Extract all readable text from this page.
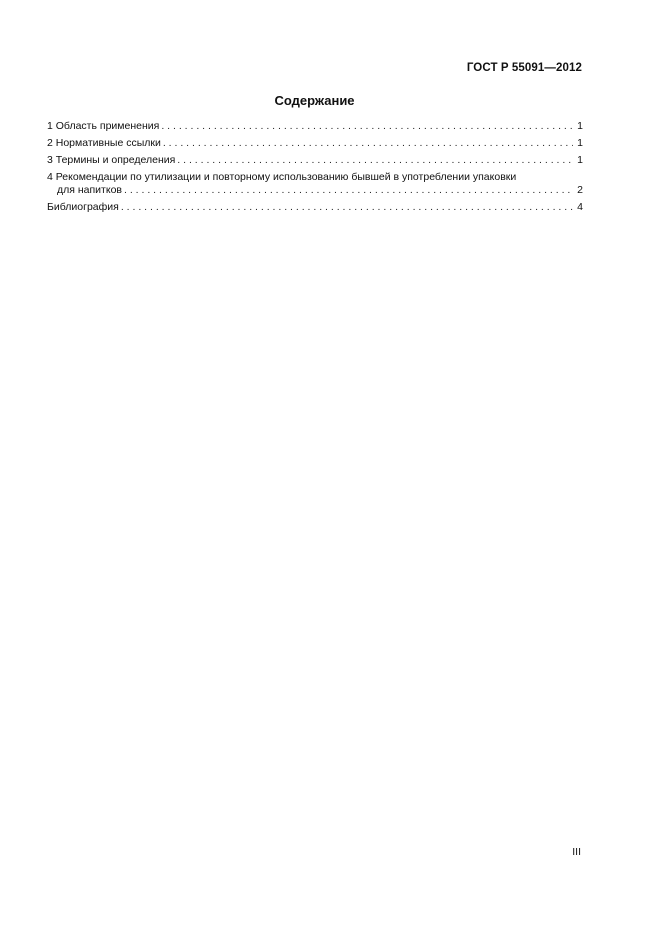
ГОСТ Р 55091—2012
Содержание
1 Область применения . . .	1
2 Нормативные ссылки . . .	1
3 Термины и определения . . .	1
4 Рекомендации по утилизации и повторному использованию бывшей в употреблении упаковки
для напитков . . .	2
Библиография . . .	4
III
